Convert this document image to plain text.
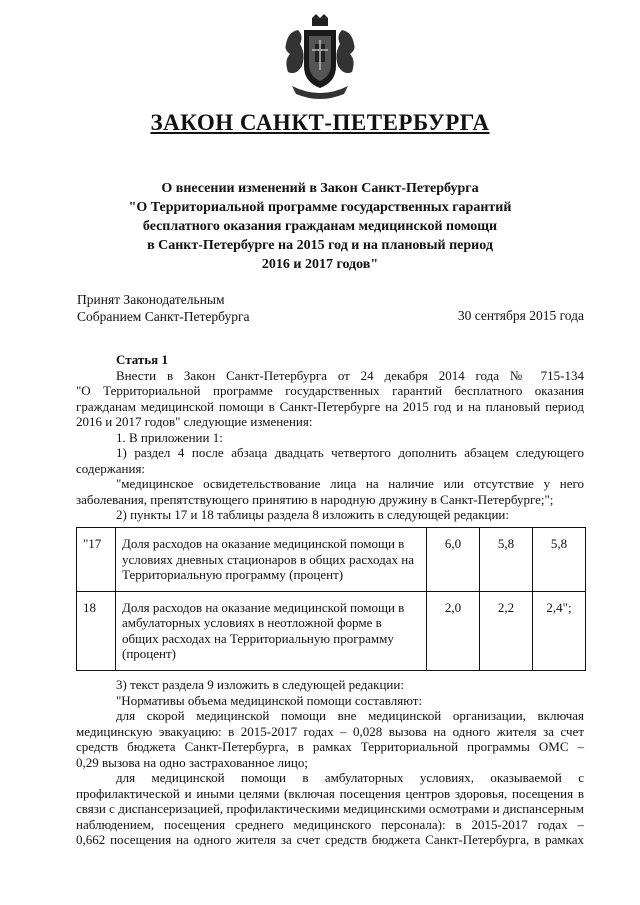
ЗАКОН САНКТ-ПЕТЕРБУРГА
О внесении изменений в Закон Санкт-Петербурга
"О Территориальной программе государственных гарантий
бесплатного оказания гражданам медицинской помощи
в Санкт-Петербурге на 2015 год и на плановый период
2016 и 2017 годов"
Принят Законодательным
Собранием Санкт-Петербурга	30 сентября 2015 года

Статья 1

Внести в Закон Санкт-Петербурга от 24 декабря 2014 года № 715-134

"О Территориальной программе государственных гарантий бесплатного оказания

гражданам медицинской помощи в Санкт-Петербурге на 2015 год и на плановый период

2016 и 2017 годов" следующие изменения:

1. В приложении 1:

1) раздел 4 после абзаца двадцать четвертого дополнить абзацем следующего

содержания:

"медицинское освидетельствование лица на наличие или отсутствие у него

заболевания, препятствующего принятию в народную дружину в Санкт-Петербурге;";

2) пункты 17 и 18 таблицы раздела 8 изложить в следующей редакции:

"17	Доля расходов на оказание медицинской помощи в условиях дневных стационаров в общих расходах на Территориальную программу (процент)	6,0	5,8	5,8
18	Доля расходов на оказание медицинской помощи в амбулаторных условиях в неотложной форме в общих расходах на Территориальную программу (процент)	2,0	2,2	2,4";

3) текст раздела 9 изложить в следующей редакции:

"Нормативы объема медицинской помощи составляют:

для скорой медицинской помощи вне медицинской организации, включая

медицинскую эвакуацию: в 2015-2017 годах – 0,028 вызова на одного жителя за счет

средств бюджета Санкт-Петербурга, в рамках Территориальной программы ОМС –

0,29 вызова на одно застрахованное лицо;

для медицинской помощи в амбулаторных условиях, оказываемой с

профилактической и иными целями (включая посещения центров здоровья, посещения в

связи с диспансеризацией, профилактическими медицинскими осмотрами и диспансерным

наблюдением, посещения среднего медицинского персонала): в 2015-2017 годах –

0,662 посещения на одного жителя за счет средств бюджета Санкт-Петербурга, в рамках
